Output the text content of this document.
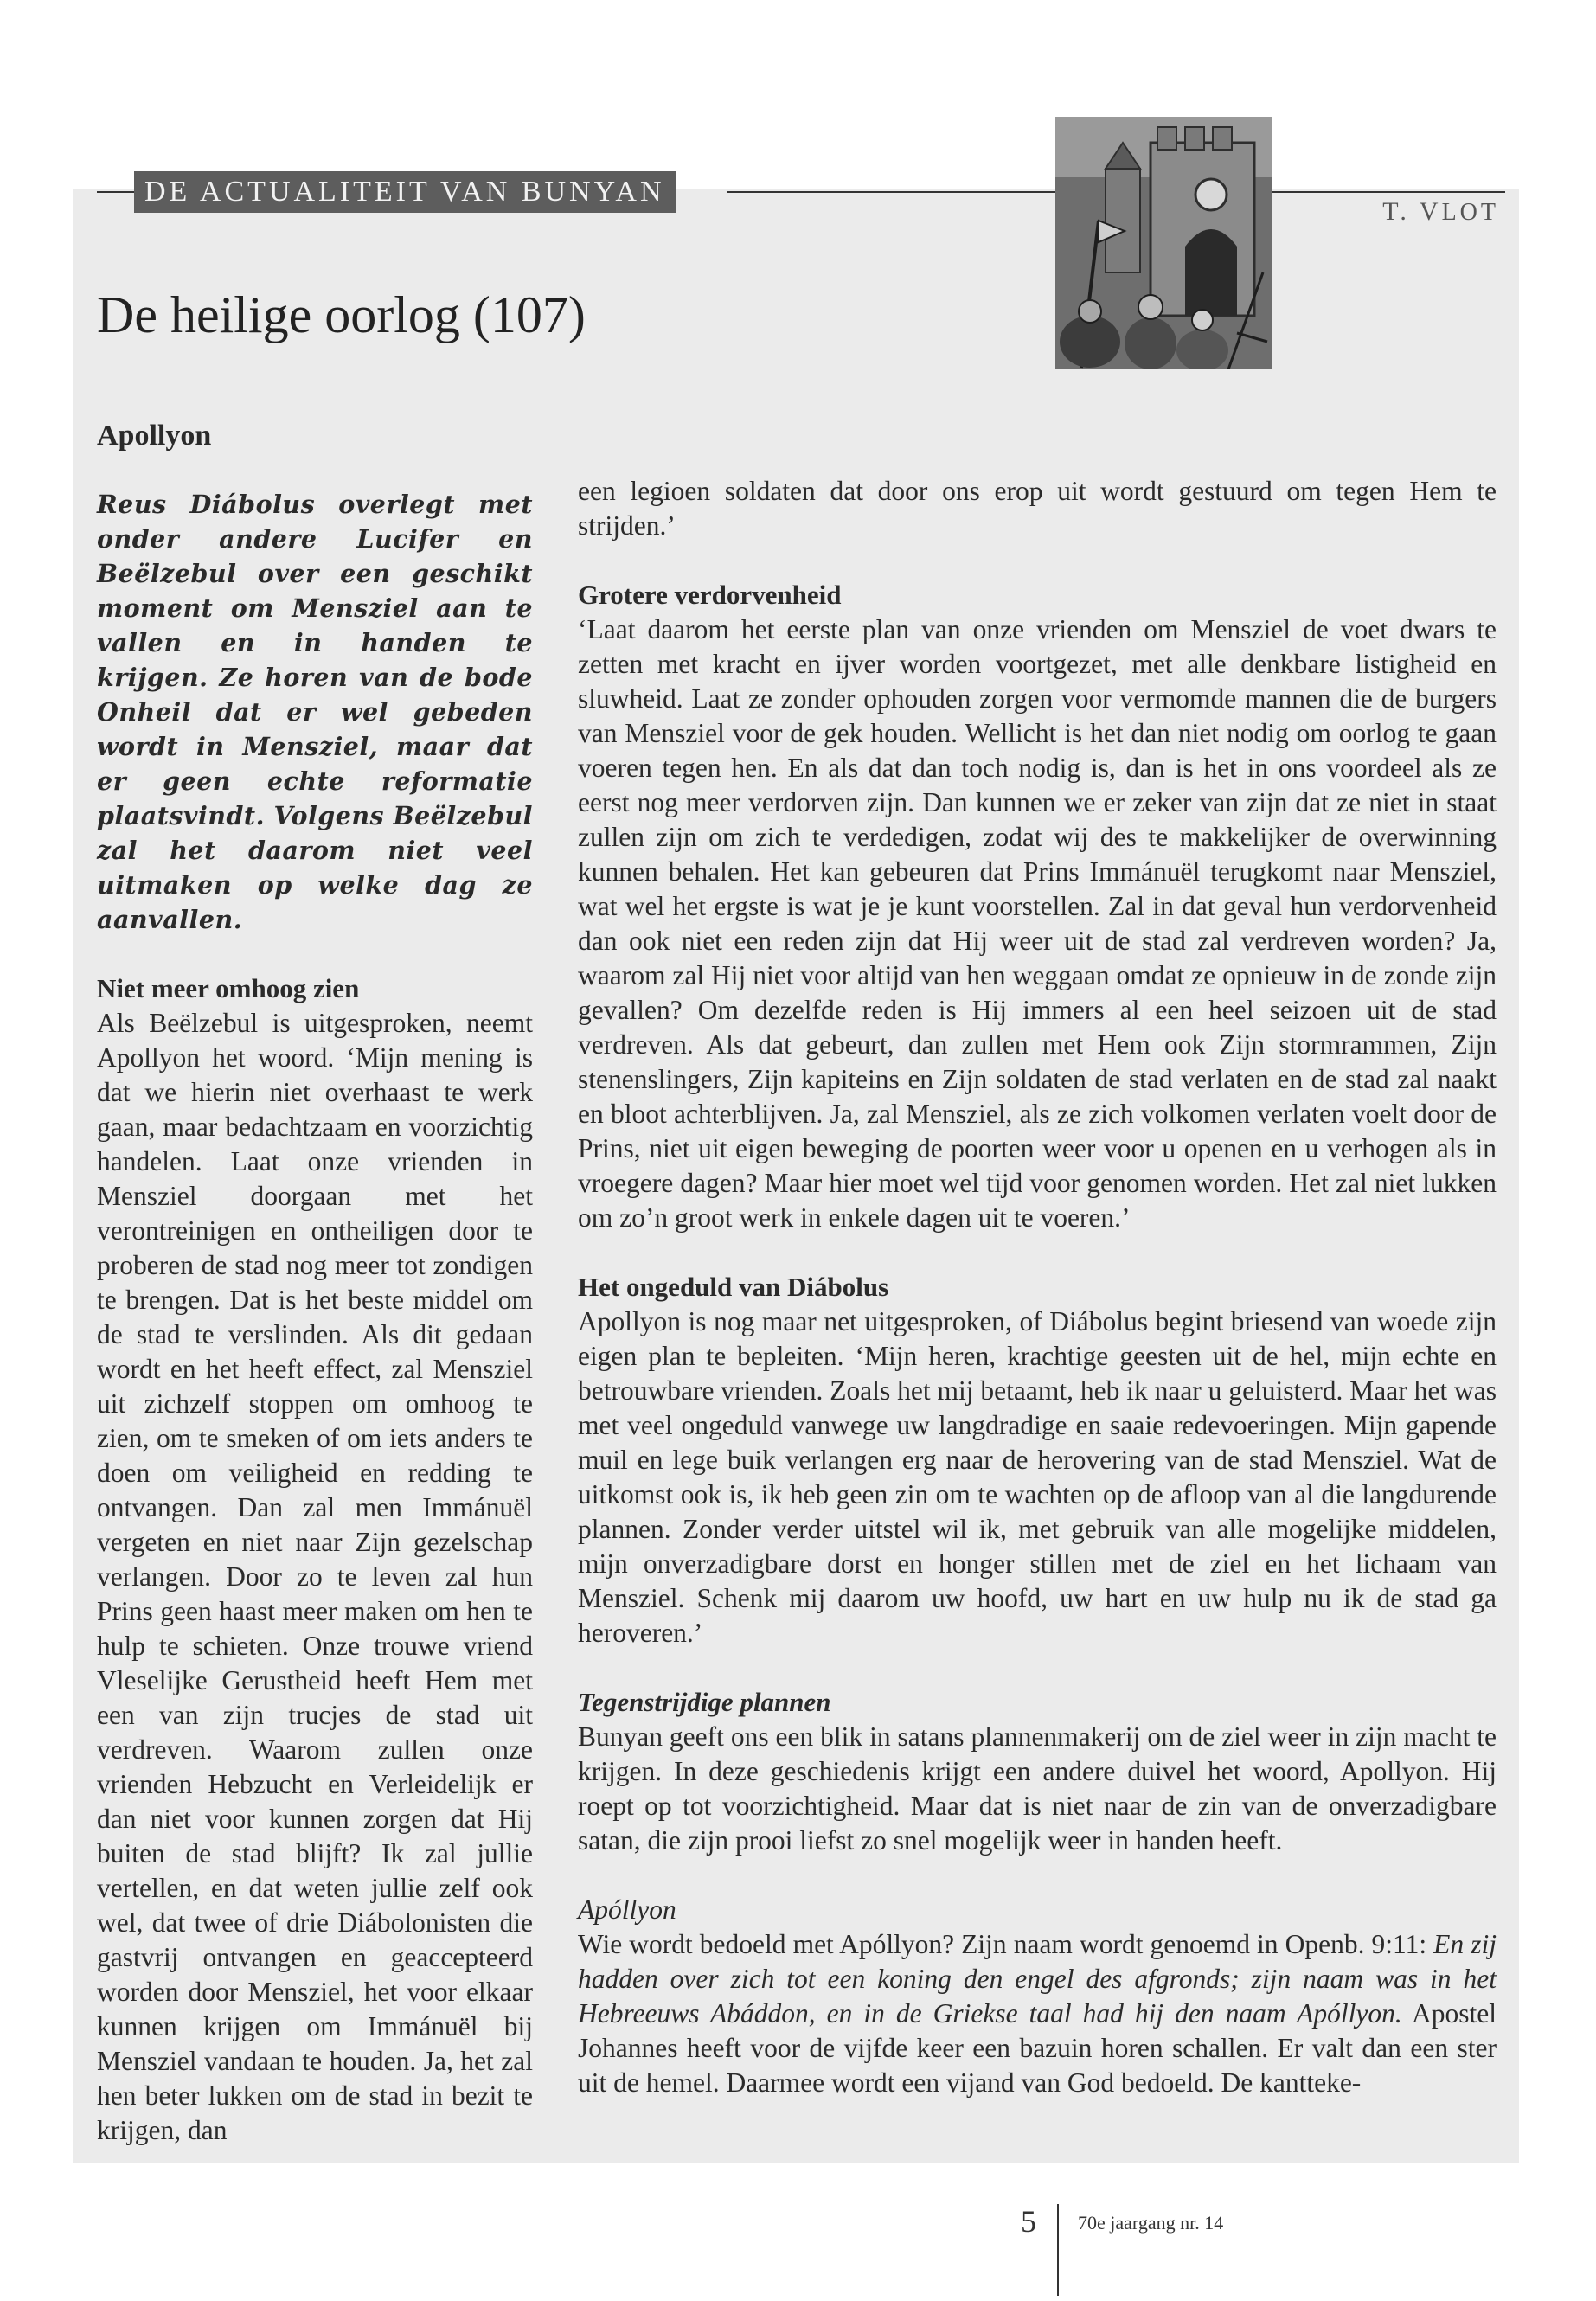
DE ACTUALITEIT VAN BUNYAN
T. VLOT
De heilige oorlog (107)
Apollyon

Reus Diábolus overlegt met onder andere Lucifer en Beëlzebul over een geschikt moment om Mensziel aan te vallen en in handen te krijgen. Ze horen van de bode Onheil dat er wel gebeden wordt in Mensziel, maar dat er geen echte reformatie plaatsvindt. Volgens Beëlzebul zal het daarom niet veel uitmaken op welke dag ze aanvallen.

Niet meer omhoog zien

Als Beëlzebul is uitgesproken, neemt Apollyon het woord. ‘Mijn mening is dat we hierin niet overhaast te werk gaan, maar bedachtzaam en voorzichtig handelen. Laat onze vrienden in Mensziel doorgaan met het verontreinigen en ontheiligen door te proberen de stad nog meer tot zondigen te brengen. Dat is het beste middel om de stad te verslinden. Als dit gedaan wordt en het heeft effect, zal Mensziel uit zichzelf stoppen om omhoog te zien, om te smeken of om iets anders te doen om veiligheid en redding te ontvangen. Dan zal men Immánuël vergeten en niet naar Zijn gezelschap verlangen. Door zo te leven zal hun Prins geen haast meer maken om hen te hulp te schieten. Onze trouwe vriend Vleselijke Gerustheid heeft Hem met een van zijn trucjes de stad uit verdreven. Waarom zullen onze vrienden Hebzucht en Verleidelijk er dan niet voor kunnen zorgen dat Hij buiten de stad blijft? Ik zal jullie vertellen, en dat weten jullie zelf ook wel, dat twee of drie Diábolonisten die gastvrij ontvangen en geaccepteerd worden door Mensziel, het voor elkaar kunnen krijgen om Immánuël bij Mensziel vandaan te houden. Ja, het zal hen beter lukken om de stad in bezit te krijgen, dan

een legioen soldaten dat door ons erop uit wordt gestuurd om tegen Hem te strijden.’

Grotere verdorvenheid

‘Laat daarom het eerste plan van onze vrienden om Mensziel de voet dwars te zetten met kracht en ijver worden voortgezet, met alle denkbare listigheid en sluwheid. Laat ze zonder ophouden zorgen voor vermomde mannen die de burgers van Mensziel voor de gek houden. Wellicht is het dan niet nodig om oorlog te gaan voeren tegen hen. En als dat dan toch nodig is, dan is het in ons voordeel als ze eerst nog meer verdorven zijn. Dan kunnen we er zeker van zijn dat ze niet in staat zullen zijn om zich te verdedigen, zodat wij des te makkelijker de overwinning kunnen behalen. Het kan gebeuren dat Prins Immánuël terugkomt naar Mensziel, wat wel het ergste is wat je je kunt voorstellen. Zal in dat geval hun verdorvenheid dan ook niet een reden zijn dat Hij weer uit de stad zal verdreven worden? Ja, waarom zal Hij niet voor altijd van hen weggaan omdat ze opnieuw in de zonde zijn gevallen? Om dezelfde reden is Hij immers al een heel seizoen uit de stad verdreven. Als dat gebeurt, dan zullen met Hem ook Zijn stormrammen, Zijn stenenslingers, Zijn kapiteins en Zijn soldaten de stad verlaten en de stad zal naakt en bloot achterblijven. Ja, zal Mensziel, als ze zich volkomen verlaten voelt door de Prins, niet uit eigen beweging de poorten weer voor u openen en u verhogen als in vroegere dagen? Maar hier moet wel tijd voor genomen worden. Het zal niet lukken om zo’n groot werk in enkele dagen uit te voeren.’

Het ongeduld van Diábolus

Apollyon is nog maar net uitgesproken, of Diábolus begint briesend van woede zijn eigen plan te bepleiten. ‘Mijn heren, krachtige geesten uit de hel, mijn echte en betrouwbare vrienden. Zoals het mij betaamt, heb ik naar u geluisterd. Maar het was met veel ongeduld vanwege uw langdradige en saaie redevoeringen. Mijn gapende muil en lege buik verlangen erg naar de herovering van de stad Mensziel. Wat de uitkomst ook is, ik heb geen zin om te wachten op de afloop van al die langdurende plannen. Zonder verder uitstel wil ik, met gebruik van alle mogelijke middelen, mijn onverzadigbare dorst en honger stillen met de ziel en het lichaam van Mensziel. Schenk mij daarom uw hoofd, uw hart en uw hulp nu ik de stad ga heroveren.’

Tegenstrijdige plannen

Bunyan geeft ons een blik in satans plannenmakerij om de ziel weer in zijn macht te krijgen. In deze geschiedenis krijgt een andere duivel het woord, Apollyon. Hij roept op tot voorzichtigheid. Maar dat is niet naar de zin van de onverzadigbare satan, die zijn prooi liefst zo snel mogelijk weer in handen heeft.

Apóllyon

Wie wordt bedoeld met Apóllyon? Zijn naam wordt genoemd in Openb. 9:11: En zij hadden over zich tot een koning den engel des afgronds; zijn naam was in het Hebreeuws Abáddon, en in de Griekse taal had hij den naam Apóllyon. Apostel Johannes heeft voor de vijfde keer een bazuin horen schallen. Er valt dan een ster uit de hemel. Daarmee wordt een vijand van God bedoeld. De kantteke-

5 70e jaargang nr. 14
